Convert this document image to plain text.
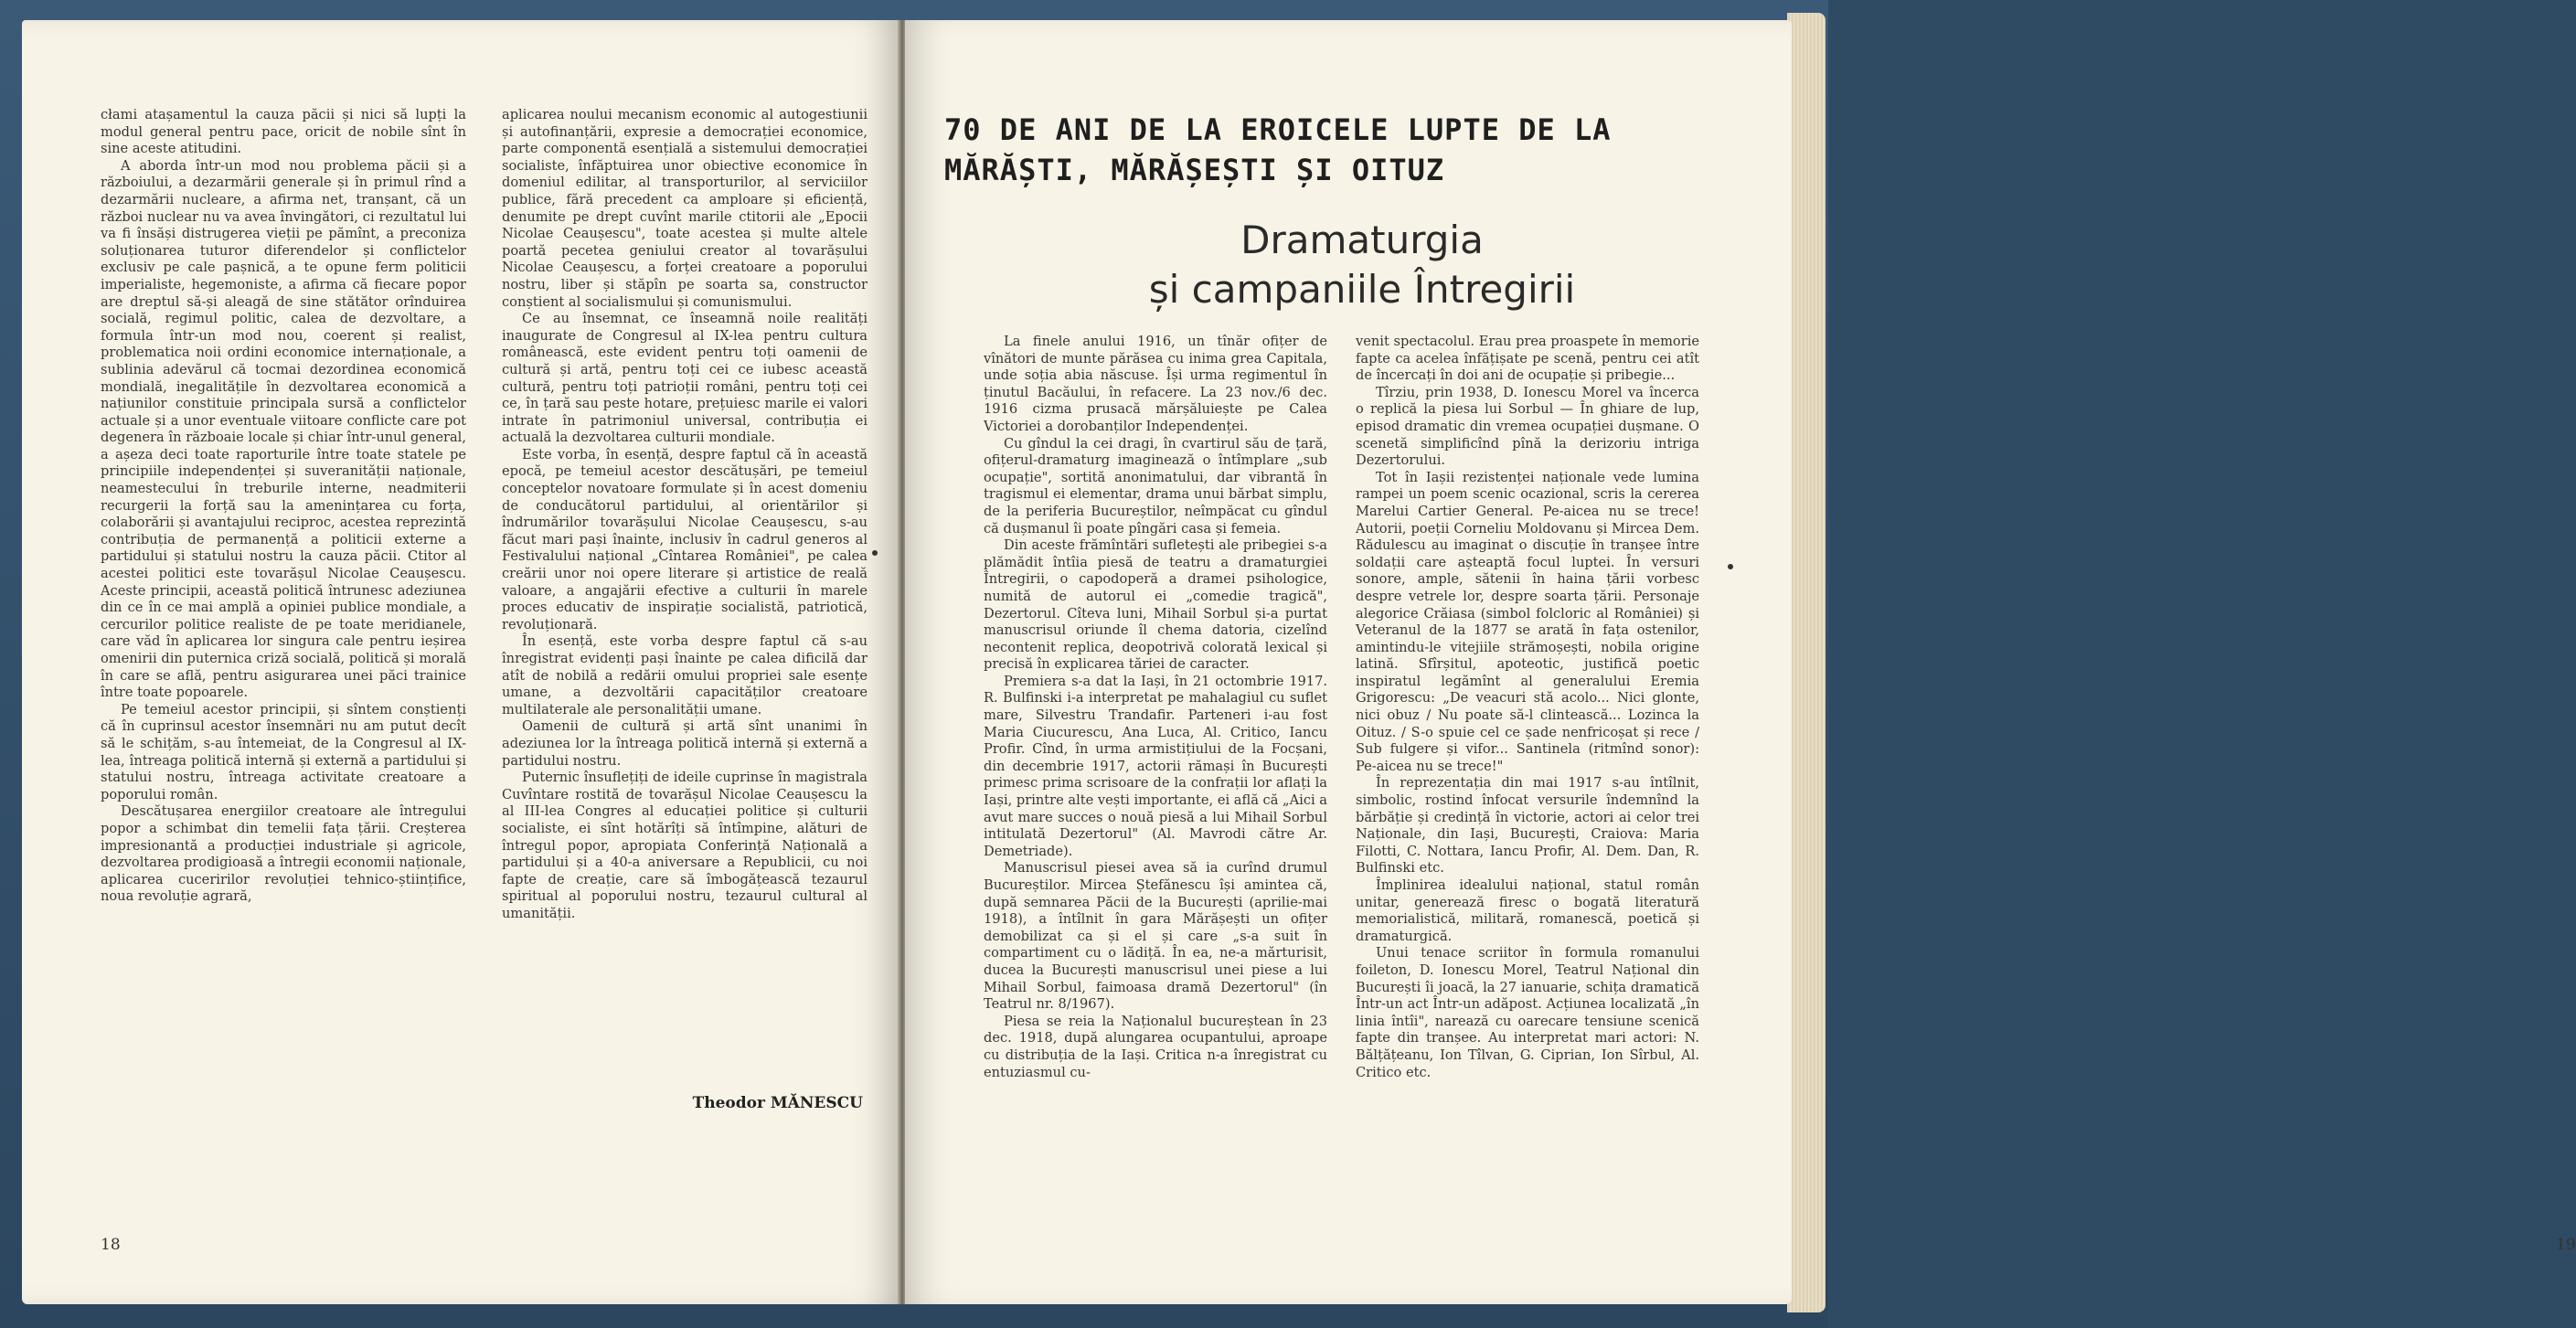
cłami atașamentul la cauza păcii și nici să lupți la modul general pentru pace, oricit de nobile sînt în sine aceste atitudini.

A aborda într-un mod nou problema păcii și a războiului, a dezarmării generale și în primul rînd a dezarmării nucleare, a afirma net, tranșant, că un război nuclear nu va avea învingători, ci rezultatul lui va fi însăși distrugerea vieții pe pămînt, a preconiza soluționarea tuturor diferendelor și conflictelor exclusiv pe cale pașnică, a te opune ferm politicii imperialiste, hegemoniste, a afirma că fiecare popor are dreptul să-și aleagă de sine stătător orînduirea socială, regimul politic, calea de dezvoltare, a formula într-un mod nou, coerent și realist, problematica noii ordini economice internaționale, a sublinia adevărul că tocmai dezordinea economică mondială, inegalitățile în dezvoltarea economică a națiunilor constituie principala sursă a conflictelor actuale și a unor eventuale viitoare conflicte care pot degenera în războaie locale și chiar într-unul general, a așeza deci toate raporturile între toate statele pe principiile independenței și suveranității naționale, neamestecului în treburile interne, neadmiterii recurgerii la forță sau la amenințarea cu forța, colaborării și avantajului reciproc, acestea reprezintă contribuția de permanență a politicii externe a partidului și statului nostru la cauza păcii. Ctitor al acestei politici este tovarășul Nicolae Ceaușescu. Aceste principii, această politică întrunesc adeziunea din ce în ce mai amplă a opiniei publice mondiale, a cercurilor politice realiste de pe toate meridianele, care văd în aplicarea lor singura cale pentru ieșirea omenirii din puternica criză socială, politică și morală în care se află, pentru asigurarea unei păci trainice între toate popoarele.

Pe temeiul acestor principii, și sîntem conștienți că în cuprinsul acestor însemnări nu am putut decît să le schițăm, s-au întemeiat, de la Congresul al IX-lea, întreaga politică internă și externă a partidului și statului nostru, întreaga activitate creatoare a poporului român.

Descătușarea energiilor creatoare ale întregului popor a schimbat din temelii fața țării. Creșterea impresionantă a producției industriale și agricole, dezvoltarea prodigioasă a întregii economii naționale, aplicarea cuceririlor revoluției tehnico-științifice, noua revoluție agrară,

aplicarea noului mecanism economic al autogestiunii și autofinanțării, expresie a democrației economice, parte componentă esențială a sistemului democrației socialiste, înfăptuirea unor obiective economice în domeniul edilitar, al transporturilor, al serviciilor publice, fără precedent ca amploare și eficiență, denumite pe drept cuvînt marile ctitorii ale „Epocii Nicolae Ceaușescu", toate acestea și multe altele poartă pecetea geniului creator al tovarășului Nicolae Ceaușescu, a forței creatoare a poporului nostru, liber și stăpîn pe soarta sa, constructor conștient al socialismului și comunismului.

Ce au însemnat, ce înseamnă noile realități inaugurate de Congresul al IX-lea pentru cultura românească, este evident pentru toți oamenii de cultură și artă, pentru toți cei ce iubesc această cultură, pentru toți patrioții români, pentru toți cei ce, în țară sau peste hotare, prețuiesc marile ei valori intrate în patrimoniul universal, contribuția ei actuală la dezvoltarea culturii mondiale.

Este vorba, în esență, despre faptul că în această epocă, pe temeiul acestor descătușări, pe temeiul conceptelor novatoare formulate și în acest domeniu de conducătorul partidului, al orientărilor și îndrumărilor tovarășului Nicolae Ceaușescu, s-au făcut mari pași înainte, inclusiv în cadrul generos al Festivalului național „Cîntarea României", pe calea creării unor noi opere literare și artistice de reală valoare, a angajării efective a culturii în marele proces educativ de inspirație socialistă, patriotică, revoluționară.

În esență, este vorba despre faptul că s-au înregistrat evidenți pași înainte pe calea dificilă dar atît de nobilă a redării omului propriei sale esențe umane, a dezvoltării capacităților creatoare multilaterale ale personalității umane.

Oamenii de cultură și artă sînt unanimi în adeziunea lor la întreaga politică internă și externă a partidului nostru.

Puternic însuflețiți de ideile cuprinse în magistrala Cuvîntare rostită de tovarășul Nicolae Ceaușescu la al III-lea Congres al educației politice și culturii socialiste, ei sînt hotărîți să întîmpine, alături de întregul popor, apropiata Conferință Națională a partidului și a 40-a aniversare a Republicii, cu noi fapte de creație, care să îmbogățească tezaurul spiritual al poporului nostru, tezaurul cultural al umanității.

Theodor MĂNESCU
18
70 DE ANI DE LA EROICELE LUPTE DE LA MĂRĂȘTI, MĂRĂȘEȘTI ȘI OITUZ
Dramaturgia
și campaniile Întregirii

La finele anului 1916, un tînăr ofițer de vînători de munte părăsea cu inima grea Capitala, unde soția abia născuse. Își urma regimentul în ținutul Bacăului, în refacere. La 23 nov./6 dec. 1916 cizma prusacă mărșăluiește pe Calea Victoriei a dorobanților Independenței.

Cu gîndul la cei dragi, în cvartirul său de țară, ofițerul-dramaturg imaginează o întîmplare „sub ocupație", sortită anonimatului, dar vibrantă în tragismul ei elementar, drama unui bărbat simplu, de la periferia Bucureștilor, neîmpăcat cu gîndul că dușmanul îi poate pîngări casa și femeia.

Din aceste frămîntări sufletești ale pribegiei s-a plămădit întîia piesă de teatru a dramaturgiei Întregirii, o capodoperă a dramei psihologice, numită de autorul ei „comedie tragică", Dezertorul. Cîteva luni, Mihail Sorbul și-a purtat manuscrisul oriunde îl chema datoria, cizelînd necontenit replica, deopotrivă colorată lexical și precisă în explicarea tăriei de caracter.

Premiera s-a dat la Iași, în 21 octombrie 1917. R. Bulfinski i-a interpretat pe mahalagiul cu suflet mare, Silvestru Trandafir. Parteneri i-au fost Maria Ciucurescu, Ana Luca, Al. Critico, Iancu Profir. Cînd, în urma armistițiului de la Focșani, din decembrie 1917, actorii rămași în București primesc prima scrisoare de la confrații lor aflați la Iași, printre alte vești importante, ei află că „Aici a avut mare succes o nouă piesă a lui Mihail Sorbul intitulată Dezertorul" (Al. Mavrodi către Ar. Demetriade).

Manuscrisul piesei avea să ia curînd drumul Bucureștilor. Mircea Ștefănescu își amintea că, după semnarea Păcii de la București (aprilie-mai 1918), a întîlnit în gara Mărășești un ofițer demobilizat ca și el și care „s-a suit în compartiment cu o lădiță. În ea, ne-a mărturisit, ducea la București manuscrisul unei piese a lui Mihail Sorbul, faimoasa dramă Dezertorul" (în Teatrul nr. 8/1967).

Piesa se reia la Naționalul bucureștean în 23 dec. 1918, după alungarea ocupantului, aproape cu distribuția de la Iași. Critica n-a înregistrat cu entuziasmul cu-

venit spectacolul. Erau prea proaspete în memorie fapte ca acelea înfățișate pe scenă, pentru cei atît de încercați în doi ani de ocupație și pribegie...

Tîrziu, prin 1938, D. Ionescu Morel va încerca o replică la piesa lui Sorbul — În ghiare de lup, episod dramatic din vremea ocupației dușmane. O scenetă simplificînd pînă la derizoriu intriga Dezertorului.

Tot în Iașii rezistenței naționale vede lumina rampei un poem scenic ocazional, scris la cererea Marelui Cartier General. Pe-aicea nu se trece! Autorii, poeții Corneliu Moldovanu și Mircea Dem. Rădulescu au imaginat o discuție în tranșee între soldații care așteaptă focul luptei. În versuri sonore, ample, sătenii în haina țării vorbesc despre vetrele lor, despre soarta țării. Personaje alegorice Crăiasa (simbol folcloric al României) și Veteranul de la 1877 se arată în fața ostenilor, amintindu-le vitejiile strămoșești, nobila origine latină. Sfîrșitul, apoteotic, justifică poetic inspiratul legămînt al generalului Eremia Grigorescu: „De veacuri stă acolo... Nici glonte, nici obuz / Nu poate să-l clintească... Lozinca la Oituz. / S-o spuie cel ce șade nenfricoșat și rece / Sub fulgere și vifor... Santinela (ritmînd sonor): Pe-aicea nu se trece!"

În reprezentația din mai 1917 s-au întîlnit, simbolic, rostind înfocat versurile îndemnînd la bărbăție și credință în victorie, actori ai celor trei Naționale, din Iași, București, Craiova: Maria Filotti, C. Nottara, Iancu Profir, Al. Dem. Dan, R. Bulfinski etc.

Împlinirea idealului național, statul român unitar, generează firesc o bogată literatură memorialistică, militară, romanescă, poetică și dramaturgică.

Unui tenace scriitor în formula romanului foileton, D. Ionescu Morel, Teatrul Național din București îi joacă, la 27 ianuarie, schița dramatică Într-un act Într-un adăpost. Acțiunea localizată „în linia întîi", narează cu oarecare tensiune scenică fapte din tranșee. Au interpretat mari actori: N. Bălțățeanu, Ion Tîlvan, G. Ciprian, Ion Sîrbul, Al. Critico etc.

19
